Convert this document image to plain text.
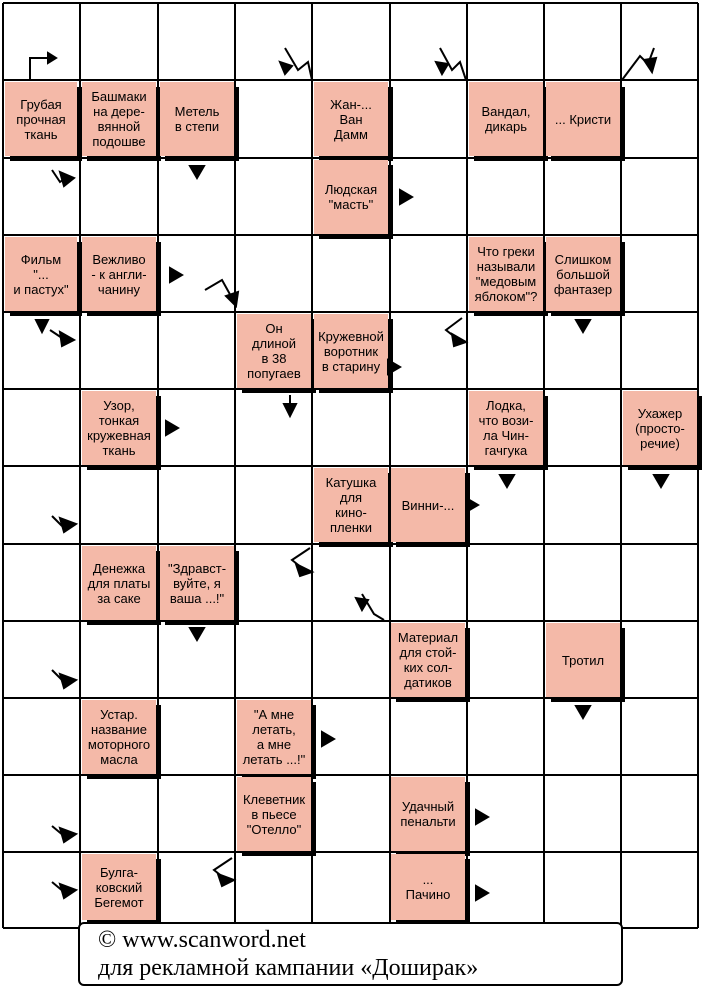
Грубая
прочная
ткань
Башмаки
на дере-
вянной
подошве
Метель
в степи
Жан-...
Ван
Дамм
Вандал,
дикарь ... Кристи
Людская
"масть"
Фильм
"...
и пастух"
Вежливо
- к англи-
чанину
Что греки
называли
"медовым
яблоком"?
Слишком
большой
фантазер
Он
длиной
в 38
попугаев
Кружевной
воротник
в старину
Узор,
тонкая
кружевная
ткань
Лодка,
что вози-
ла Чин-
гачгука
Ухажер
(просто-
речие)
Катушка
для
кино-
пленки
Винни-...
Денежка
для платы
за саке
"Здравст-
вуйте, я
ваша ...!"
Материал
для стой-
ких сол-
датиков
Тротил
Устар.
название
моторного
масла
"А мне
летать,
а мне
летать ...!"
Клеветник
в пьесе
"Отелло"
Удачный
пенальти
Булга-
ковский
Бегемот
...
Пачино
© www.scanword.net
для рекламной кампании «Доширак»
